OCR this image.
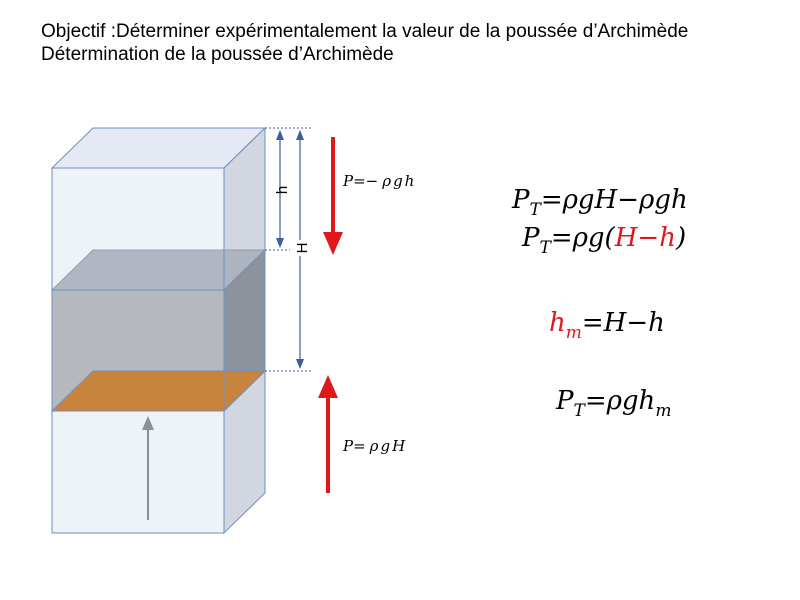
Objectif :Déterminer expérimentalement la valeur de la poussée d’Archimède
Détermination de la poussée d’Archimède
h
H
P=− ρ g h
P= ρ g H
$P_T=\rho gH-\rho gh$
$P_T=\rho g(H-h)$
$h_m=H-h$
$P_T=\rho gh_m$
